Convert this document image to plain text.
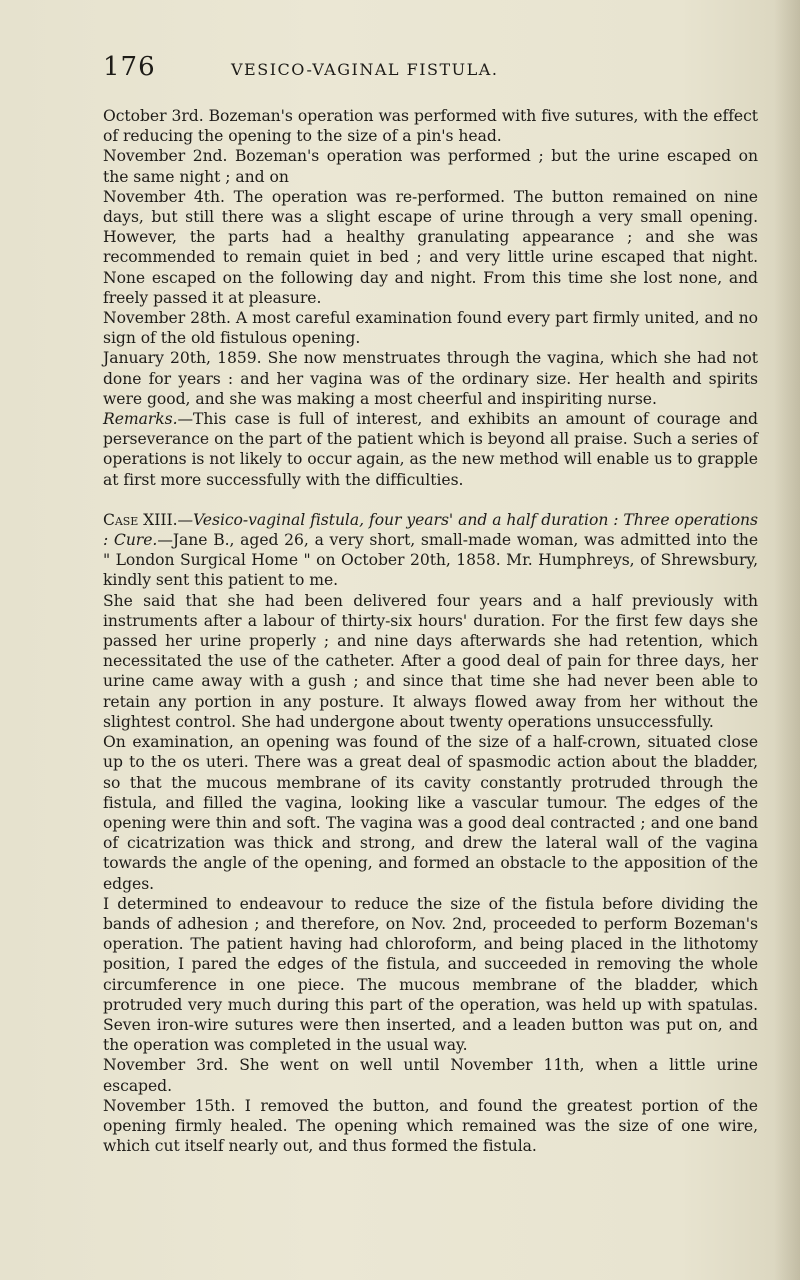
176	VESICO-VAGINAL FISTULA.

October 3rd. Bozeman's operation was performed with five sutures, with the effect of reducing the opening to the size of a pin's head.

November 2nd. Bozeman's operation was performed ; but the urine escaped on the same night ; and on

November 4th. The operation was re-performed. The button remained on nine days, but still there was a slight escape of urine through a very small opening. However, the parts had a healthy granulating appearance ; and she was recommended to remain quiet in bed ; and very little urine escaped that night. None escaped on the following day and night. From this time she lost none, and freely passed it at pleasure.

November 28th. A most careful examination found every part firmly united, and no sign of the old fistulous opening.

January 20th, 1859. She now menstruates through the vagina, which she had not done for years : and her vagina was of the ordinary size. Her health and spirits were good, and she was making a most cheerful and inspiriting nurse.

Remarks.—This case is full of interest, and exhibits an amount of courage and perseverance on the part of the patient which is beyond all praise. Such a series of operations is not likely to occur again, as the new method will enable us to grapple at first more successfully with the difficulties.

Case XIII.—Vesico-vaginal fistula, four years' and a half duration : Three operations : Cure.—Jane B., aged 26, a very short, small-made woman, was admitted into the " London Surgical Home " on October 20th, 1858. Mr. Humphreys, of Shrewsbury, kindly sent this patient to me.

She said that she had been delivered four years and a half previously with instruments after a labour of thirty-six hours' duration. For the first few days she passed her urine properly ; and nine days afterwards she had retention, which necessitated the use of the catheter. After a good deal of pain for three days, her urine came away with a gush ; and since that time she had never been able to retain any portion in any posture. It always flowed away from her without the slightest control. She had undergone about twenty operations unsuccessfully.

On examination, an opening was found of the size of a half-crown, situated close up to the os uteri. There was a great deal of spasmodic action about the bladder, so that the mucous membrane of its cavity constantly protruded through the fistula, and filled the vagina, looking like a vascular tumour. The edges of the opening were thin and soft. The vagina was a good deal contracted ; and one band of cicatrization was thick and strong, and drew the lateral wall of the vagina towards the angle of the opening, and formed an obstacle to the apposition of the edges.

I determined to endeavour to reduce the size of the fistula before dividing the bands of adhesion ; and therefore, on Nov. 2nd, proceeded to perform Bozeman's operation. The patient having had chloroform, and being placed in the lithotomy position, I pared the edges of the fistula, and succeeded in removing the whole circumference in one piece. The mucous membrane of the bladder, which protruded very much during this part of the operation, was held up with spatulas. Seven iron-wire sutures were then inserted, and a leaden button was put on, and the operation was completed in the usual way.

November 3rd. She went on well until November 11th, when a little urine escaped.

November 15th. I removed the button, and found the greatest portion of the opening firmly healed. The opening which remained was the size of one wire, which cut itself nearly out, and thus formed the fistula.
